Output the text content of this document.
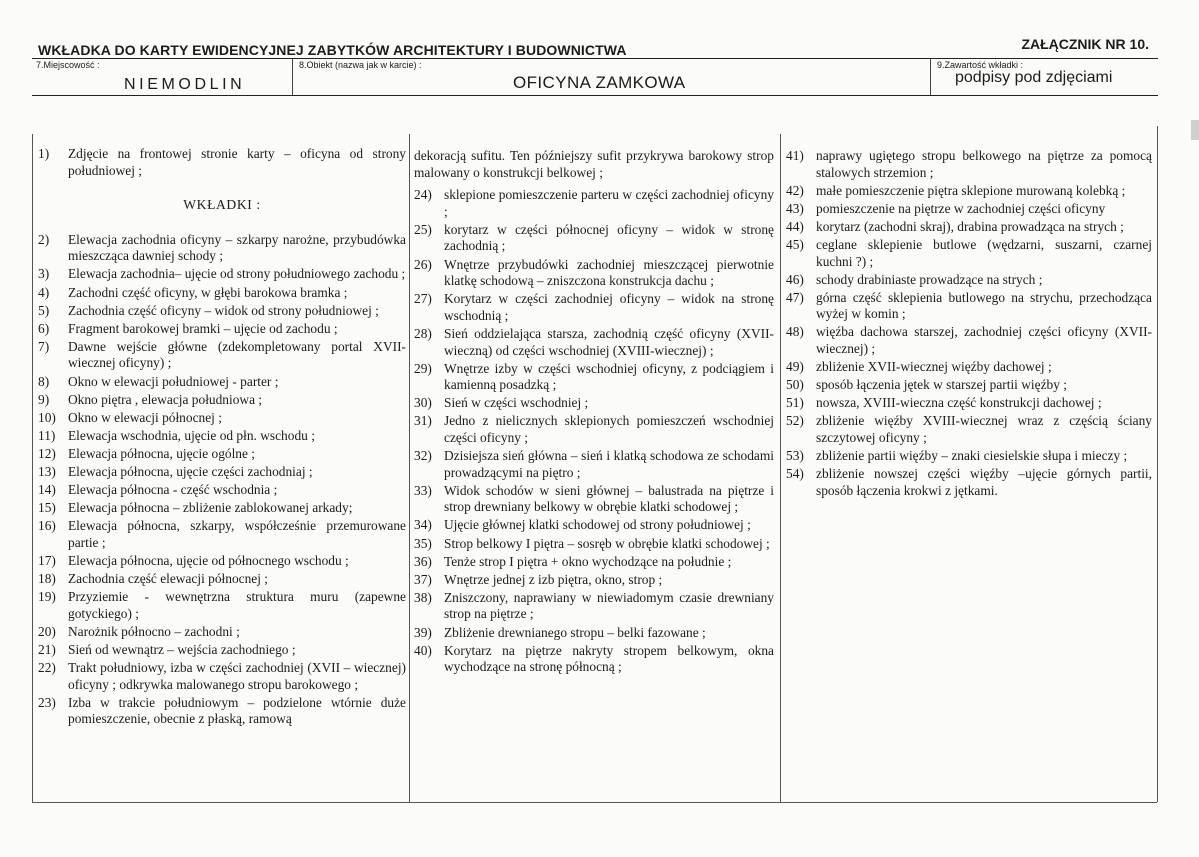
WKŁADKA DO KARTY EWIDENCYJNEJ ZABYTKÓW ARCHITEKTURY I BUDOWNICTWA	ZAŁĄCZNIK NR 10.
7.Miejscowość :
NIEMODLIN
8.Obiekt (nazwa jak w karcie) :
OFICYNA ZAMKOWA
9.Zawartość wkładki :
podpisy pod zdjęciami
1) Zdjęcie na frontowej stronie karty – oficyna od strony południowej ;
WKŁADKI :
2) Elewacja zachodnia oficyny – szkarpy narożne, przybudówka mieszcząca dawniej schody ;
3) Elewacja zachodnia– ujęcie od strony południowego zachodu ;
4) Zachodni część oficyny, w głębi barokowa bramka ;
5) Zachodnia część oficyny – widok od strony południowej ;
6) Fragment barokowej bramki – ujęcie od zachodu ;
7) Dawne wejście główne (zdekompletowany portal XVII-wiecznej oficyny) ;
8) Okno w elewacji południowej - parter ;
9) Okno piętra , elewacja południowa ;
10) Okno w elewacji północnej ;
11) Elewacja wschodnia, ujęcie od płn. wschodu ;
12) Elewacja północna, ujęcie ogólne ;
13) Elewacja północna, ujęcie części zachodniaj ;
14) Elewacja północna - część wschodnia ;
15) Elewacja północna – zbliżenie zablokowanej arkady;
16) Elewacja północna, szkarpy, współcześnie przemurowane partie ;
17) Elewacja północna, ujęcie od północnego wschodu ;
18) Zachodnia część elewacji północnej ;
19) Przyziemie - wewnętrzna struktura muru (zapewne gotyckiego) ;
20) Narożnik północno – zachodni ;
21) Sień od wewnątrz – wejścia zachodniego ;
22) Trakt południowy, izba w części zachodniej (XVII – wiecznej) oficyny ; odkrywka malowanego stropu barokowego ;
23) Izba w trakcie południowym – podzielone wtórnie duże pomieszczenie, obecnie z płaską, ramową
dekoracją sufitu. Ten późniejszy sufit przykrywa barokowy strop malowany o konstrukcji belkowej ;
24) sklepione pomieszczenie parteru w części zachodniej oficyny ;
25) korytarz w części północnej oficyny – widok w stronę zachodnią ;
26) Wnętrze przybudówki zachodniej mieszczącej pierwotnie klatkę schodową – zniszczona konstrukcja dachu ;
27) Korytarz w części zachodniej oficyny – widok na stronę wschodnią ;
28) Sień oddzielająca starsza, zachodnią część oficyny (XVII-wieczną) od części wschodniej (XVIII-wiecznej) ;
29) Wnętrze izby w części wschodniej oficyny, z podciągiem i kamienną posadzką ;
30) Sień w części wschodniej ;
31) Jedno z nielicznych sklepionych pomieszczeń wschodniej części oficyny ;
32) Dzisiejsza sień główna – sień i klatką schodowa ze schodami prowadzącymi na piętro ;
33) Widok schodów w sieni głównej – balustrada na piętrze i strop drewniany belkowy w obrębie klatki schodowej ;
34) Ujęcie głównej klatki schodowej od strony południowej ;
35) Strop belkowy I piętra – sosręb w obrębie klatki schodowej ;
36) Tenże strop I piętra + okno wychodzące na południe ;
37) Wnętrze jednej z izb piętra, okno, strop ;
38) Zniszczony, naprawiany w niewiadomym czasie drewniany strop na piętrze ;
39) Zbliżenie drewnianego stropu – belki fazowane ;
40) Korytarz na piętrze nakryty stropem belkowym, okna wychodzące na stronę północną ;
41) naprawy ugiętego stropu belkowego na piętrze za pomocą stalowych strzemion ;
42) małe pomieszczenie piętra sklepione murowaną kolebką ;
43) pomieszczenie na piętrze w zachodniej części oficyny
44) korytarz (zachodni skraj), drabina prowadząca na strych ;
45) ceglane sklepienie butlowe (wędzarni, suszarni, czarnej kuchni ?) ;
46) schody drabiniaste prowadzące na strych ;
47) górna część sklepienia butlowego na strychu, przechodząca wyżej w komin ;
48) więźba dachowa starszej, zachodniej części oficyny (XVII-wiecznej) ;
49) zbliżenie XVII-wiecznej więźby dachowej ;
50) sposób łączenia jętek w starszej partii więźby ;
51) nowsza, XVIII-wieczna część konstrukcji dachowej ;
52) zbliżenie więźby XVIII-wiecznej wraz z częścią ściany szczytowej oficyny ;
53) zbliżenie partii więźby – znaki ciesielskie słupa i mieczy ;
54) zbliżenie nowszej części więźby –ujęcie górnych partii, sposób łączenia krokwi z jętkami.
